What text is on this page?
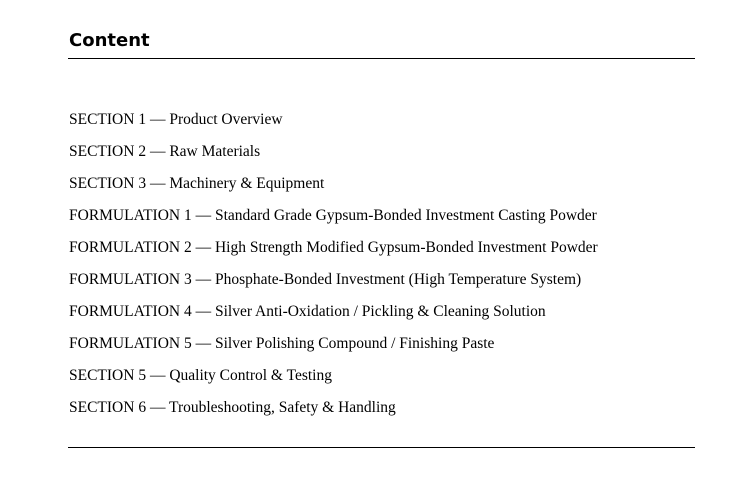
Content
SECTION 1 — Product Overview
SECTION 2 — Raw Materials
SECTION 3 — Machinery & Equipment
FORMULATION 1 — Standard Grade Gypsum-Bonded Investment Casting Powder
FORMULATION 2 — High Strength Modified Gypsum-Bonded Investment Powder
FORMULATION 3 — Phosphate-Bonded Investment (High Temperature System)
FORMULATION 4 — Silver Anti-Oxidation / Pickling & Cleaning Solution
FORMULATION 5 — Silver Polishing Compound / Finishing Paste
SECTION 5 — Quality Control & Testing
SECTION 6 — Troubleshooting, Safety & Handling
